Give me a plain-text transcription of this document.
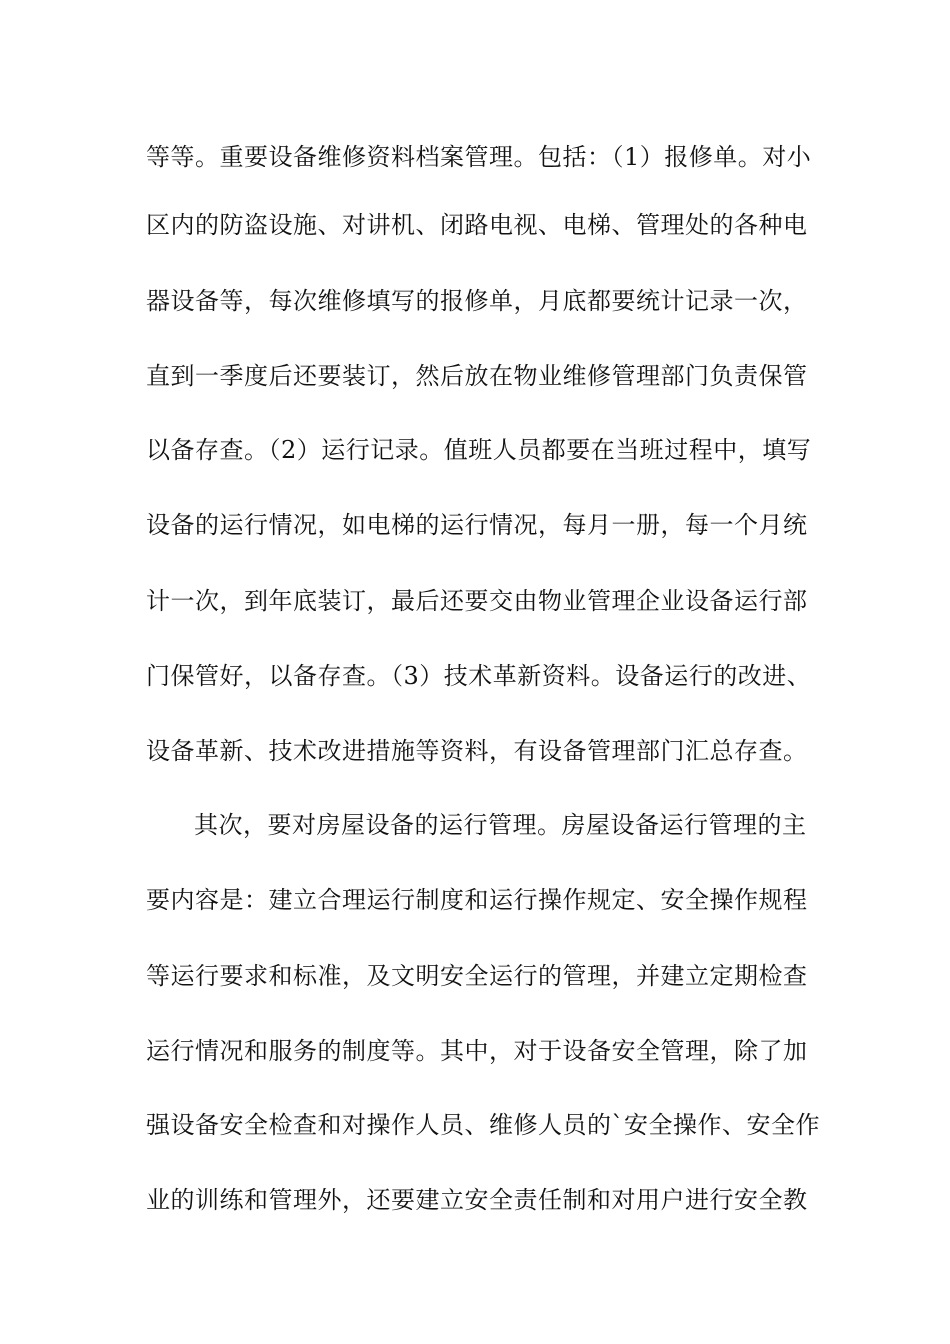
等等。重要设备维修资料档案管理。包括：（1）报修单。对小
区内的防盗设施、对讲机、闭路电视、电梯、管理处的各种电
器设备等，每次维修填写的报修单，月底都要统计记录一次，
直到一季度后还要装订，然后放在物业维修管理部门负责保管
以备存查。（2）运行记录。值班人员都要在当班过程中，填写
设备的运行情况，如电梯的运行情况，每月一册，每一个月统
计一次，到年底装订，最后还要交由物业管理企业设备运行部
门保管好，以备存查。（3）技术革新资料。设备运行的改进、
设备革新、技术改进措施等资料，有设备管理部门汇总存查。
其次，要对房屋设备的运行管理。房屋设备运行管理的主
要内容是：建立合理运行制度和运行操作规定、安全操作规程
等运行要求和标准，及文明安全运行的管理，并建立定期检查
运行情况和服务的制度等。其中，对于设备安全管理，除了加
强设备安全检查和对操作人员、维修人员的`安全操作、安全作
业的训练和管理外，还要建立安全责任制和对用户进行安全教
